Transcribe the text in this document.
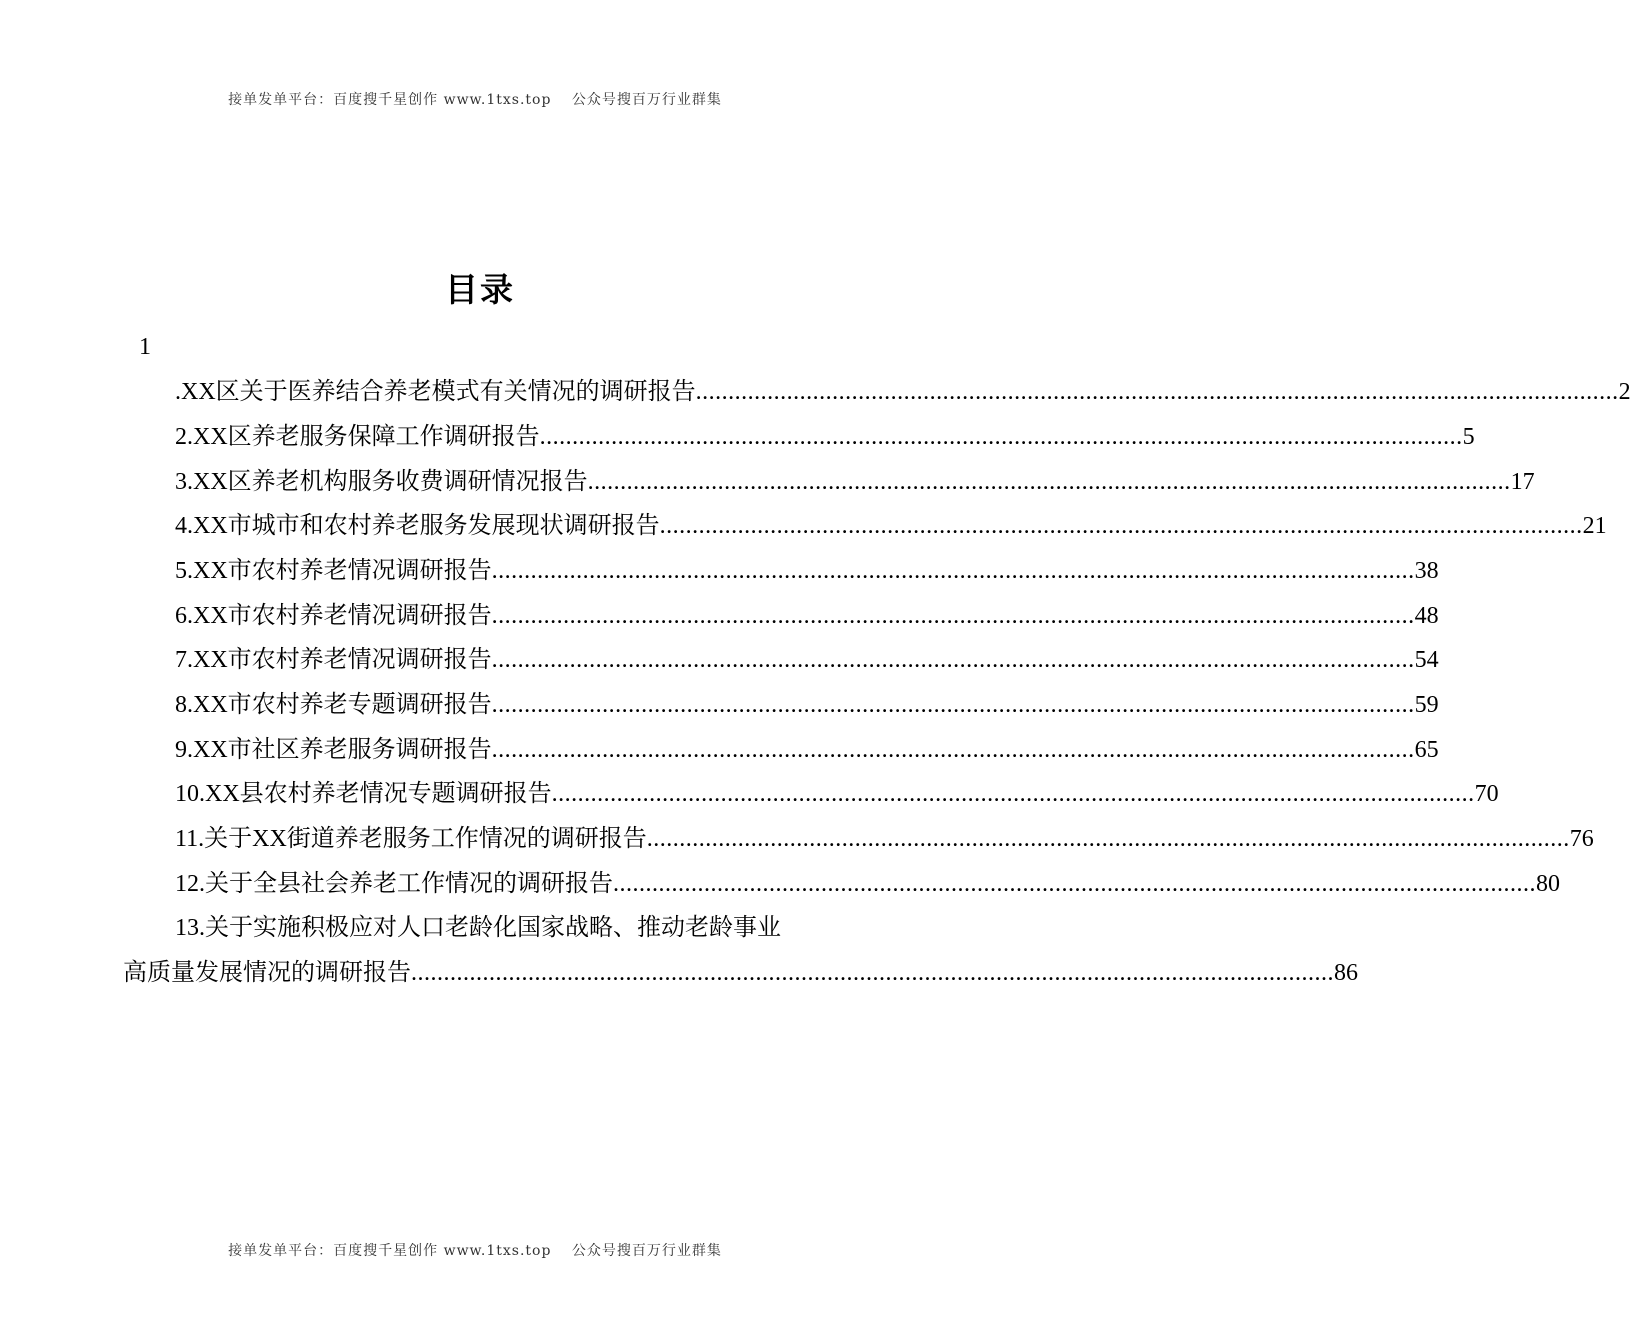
接单发单平台：百度搜千星创作 www.1txs.top　 公众号搜百万行业群集
目录
1
.XX区关于医养结合养老模式有关情况的调研报告 .....	2
2.XX区养老服务保障工作调研报告 .....	5
3.XX区养老机构服务收费调研情况报告 .....	17
4.XX市城市和农村养老服务发展现状调研报告 .....	21
5.XX市农村养老情况调研报告 .....	38
6.XX市农村养老情况调研报告 .....	48
7.XX市农村养老情况调研报告 .....	54
8.XX市农村养老专题调研报告 .....	59
9.XX市社区养老服务调研报告 .....	65
10.XX县农村养老情况专题调研报告 .....	70
11.关于XX街道养老服务工作情况的调研报告 .....	76
12.关于全县社会养老工作情况的调研报告 .....	80
13.关于实施积极应对人口老龄化国家战略、推动老龄事业
高质量发展情况的调研报告 .....	86
接单发单平台：百度搜千星创作 www.1txs.top　 公众号搜百万行业群集
